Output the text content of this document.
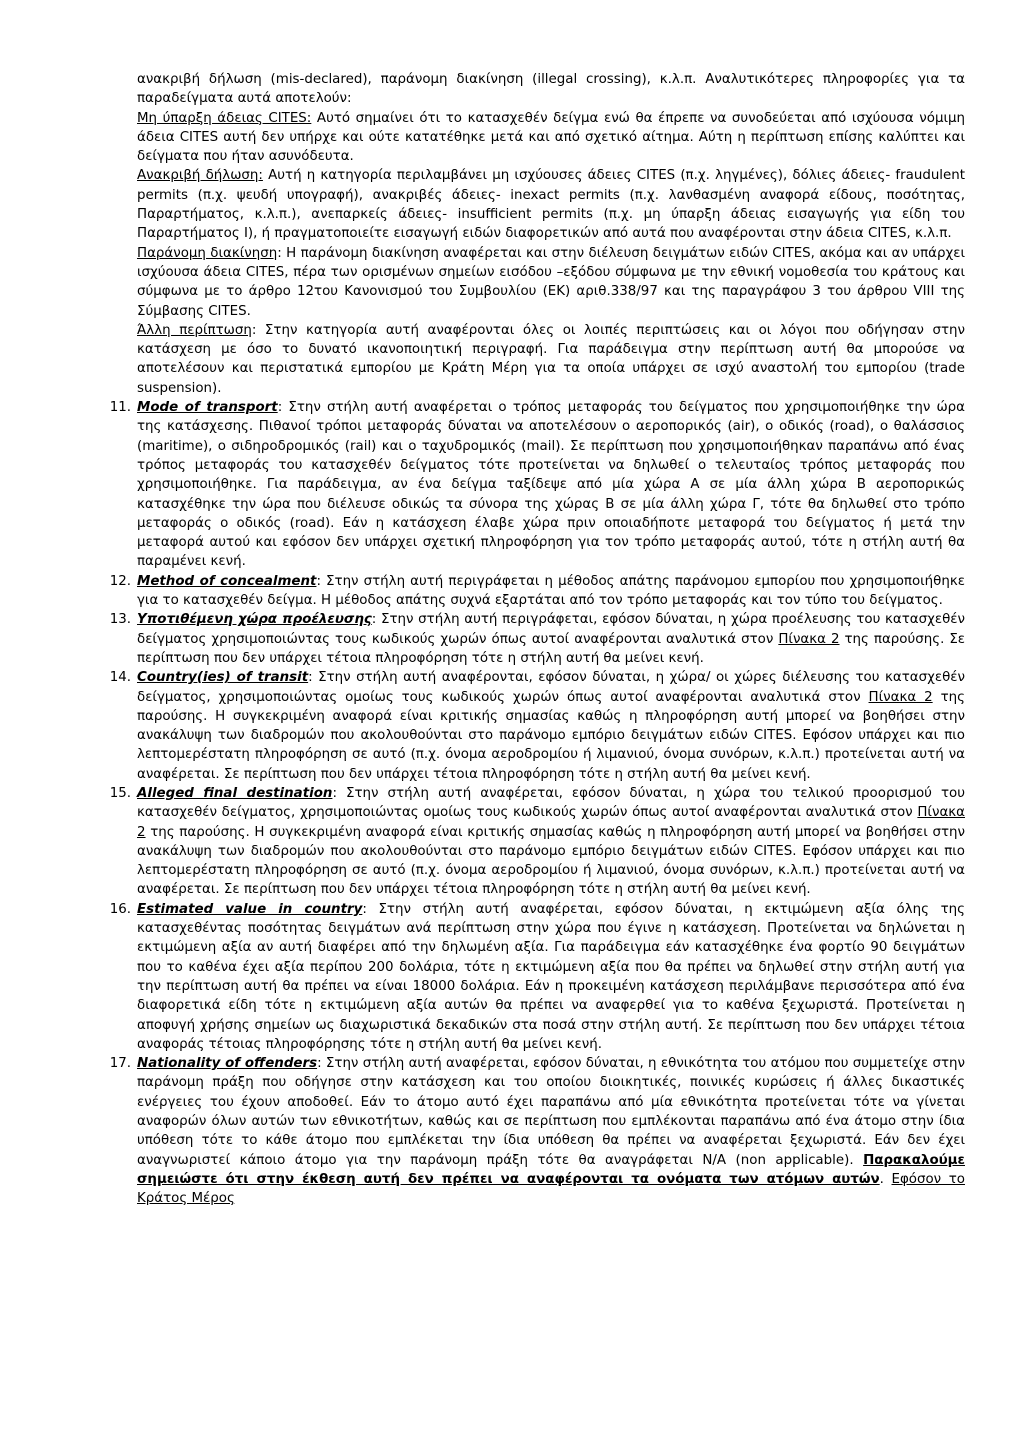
ανακριβή δήλωση (mis-declared), παράνομη διακίνηση (illegal crossing), κ.λ.π. Αναλυτικότερες πληροφορίες για τα παραδείγματα αυτά αποτελούν:

Μη ύπαρξη άδειας CITES: Αυτό σημαίνει ότι το κατασχεθέν δείγμα ενώ θα έπρεπε να συνοδεύεται από ισχύουσα νόμιμη άδεια CITES αυτή δεν υπήρχε και ούτε κατατέθηκε μετά και από σχετικό αίτημα. Αύτη η περίπτωση επίσης καλύπτει και δείγματα που ήταν ασυνόδευτα.

Ανακριβή δήλωση: Αυτή η κατηγορία περιλαμβάνει μη ισχύουσες άδειες CITES (π.χ. ληγμένες), δόλιες άδειες- fraudulent permits (π.χ. ψευδή υπογραφή), ανακριβές άδειες- inexact permits (π.χ. λανθασμένη αναφορά είδους, ποσότητας, Παραρτήματος, κ.λ.π.), ανεπαρκείς άδειες- insufficient permits (π.χ. μη ύπαρξη άδειας εισαγωγής για είδη του Παραρτήματος Ι), ή πραγματοποιείτε εισαγωγή ειδών διαφορετικών από αυτά που αναφέρονται στην άδεια CITES, κ.λ.π.

Παράνομη διακίνηση: Η παράνομη διακίνηση αναφέρεται και στην διέλευση δειγμάτων ειδών CITES, ακόμα και αν υπάρχει ισχύουσα άδεια CITES, πέρα των ορισμένων σημείων εισόδου –εξόδου σύμφωνα με την εθνική νομοθεσία του κράτους και σύμφωνα με το άρθρο 12του Κανονισμού του Συμβουλίου (ΕΚ) αριθ.338/97 και της παραγράφου 3 του άρθρου VIII της Σύμβασης CITES.

Άλλη περίπτωση: Στην κατηγορία αυτή αναφέρονται όλες οι λοιπές περιπτώσεις και οι λόγοι που οδήγησαν στην κατάσχεση με όσο το δυνατό ικανοποιητική περιγραφή. Για παράδειγμα στην περίπτωση αυτή θα μπορούσε να αποτελέσουν και περιστατικά εμπορίου με Κράτη Μέρη για τα οποία υπάρχει σε ισχύ αναστολή του εμπορίου (trade suspension).

11. Mode of transport: Στην στήλη αυτή αναφέρεται ο τρόπος μεταφοράς του δείγματος που χρησιμοποιήθηκε την ώρα της κατάσχεσης. Πιθανοί τρόποι μεταφοράς δύναται να αποτελέσουν ο αεροπορικός (air), ο οδικός (road), ο θαλάσσιος (maritime), ο σιδηροδρομικός (rail) και ο ταχυδρομικός (mail). Σε περίπτωση που χρησιμοποιήθηκαν παραπάνω από ένας τρόπος μεταφοράς του κατασχεθέν δείγματος τότε προτείνεται να δηλωθεί ο τελευταίος τρόπος μεταφοράς που χρησιμοποιήθηκε. Για παράδειγμα, αν ένα δείγμα ταξίδεψε από μία χώρα Α σε μία άλλη χώρα Β αεροπορικώς κατασχέθηκε την ώρα που διέλευσε οδικώς τα σύνορα της χώρας Β σε μία άλλη χώρα Γ, τότε θα δηλωθεί στο τρόπο μεταφοράς ο οδικός (road). Εάν η κατάσχεση έλαβε χώρα πριν οποιαδήποτε μεταφορά του δείγματος ή μετά την μεταφορά αυτού και εφόσον δεν υπάρχει σχετική πληροφόρηση για τον τρόπο μεταφοράς αυτού, τότε η στήλη αυτή θα παραμένει κενή.
12. Method of concealment: Στην στήλη αυτή περιγράφεται η μέθοδος απάτης παράνομου εμπορίου που χρησιμοποιήθηκε για το κατασχεθέν δείγμα. Η μέθοδος απάτης συχνά εξαρτάται από τον τρόπο μεταφοράς και τον τύπο του δείγματος.
13. Υποτιθέμενη χώρα προέλευσης: Στην στήλη αυτή περιγράφεται, εφόσον δύναται, η χώρα προέλευσης του κατασχεθέν δείγματος χρησιμοποιώντας τους κωδικούς χωρών όπως αυτοί αναφέρονται αναλυτικά στον Πίνακα 2 της παρούσης. Σε περίπτωση που δεν υπάρχει τέτοια πληροφόρηση τότε η στήλη αυτή θα μείνει κενή.
14. Country(ies) of transit: Στην στήλη αυτή αναφέρονται, εφόσον δύναται, η χώρα/ οι χώρες διέλευσης του κατασχεθέν δείγματος, χρησιμοποιώντας ομοίως τους κωδικούς χωρών όπως αυτοί αναφέρονται αναλυτικά στον Πίνακα 2 της παρούσης. Η συγκεκριμένη αναφορά είναι κριτικής σημασίας καθώς η πληροφόρηση αυτή μπορεί να βοηθήσει στην ανακάλυψη των διαδρομών που ακολουθούνται στο παράνομο εμπόριο δειγμάτων ειδών CITES. Εφόσον υπάρχει και πιο λεπτομερέστατη πληροφόρηση σε αυτό (π.χ. όνομα αεροδρομίου ή λιμανιού, όνομα συνόρων, κ.λ.π.) προτείνεται αυτή να αναφέρεται. Σε περίπτωση που δεν υπάρχει τέτοια πληροφόρηση τότε η στήλη αυτή θα μείνει κενή.
15. Alleged final destination: Στην στήλη αυτή αναφέρεται, εφόσον δύναται, η χώρα του τελικού προορισμού του κατασχεθέν δείγματος, χρησιμοποιώντας ομοίως τους κωδικούς χωρών όπως αυτοί αναφέρονται αναλυτικά στον Πίνακα 2 της παρούσης. Η συγκεκριμένη αναφορά είναι κριτικής σημασίας καθώς η πληροφόρηση αυτή μπορεί να βοηθήσει στην ανακάλυψη των διαδρομών που ακολουθούνται στο παράνομο εμπόριο δειγμάτων ειδών CITES. Εφόσον υπάρχει και πιο λεπτομερέστατη πληροφόρηση σε αυτό (π.χ. όνομα αεροδρομίου ή λιμανιού, όνομα συνόρων, κ.λ.π.) προτείνεται αυτή να αναφέρεται. Σε περίπτωση που δεν υπάρχει τέτοια πληροφόρηση τότε η στήλη αυτή θα μείνει κενή.
16. Estimated value in country: Στην στήλη αυτή αναφέρεται, εφόσον δύναται, η εκτιμώμενη αξία όλης της κατασχεθέντας ποσότητας δειγμάτων ανά περίπτωση στην χώρα που έγινε η κατάσχεση. Προτείνεται να δηλώνεται η εκτιμώμενη αξία αν αυτή διαφέρει από την δηλωμένη αξία. Για παράδειγμα εάν κατασχέθηκε ένα φορτίο 90 δειγμάτων που το καθένα έχει αξία περίπου 200 δολάρια, τότε η εκτιμώμενη αξία που θα πρέπει να δηλωθεί στην στήλη αυτή για την περίπτωση αυτή θα πρέπει να είναι 18000 δολάρια. Εάν η προκειμένη κατάσχεση περιλάμβανε περισσότερα από ένα διαφορετικά είδη τότε η εκτιμώμενη αξία αυτών θα πρέπει να αναφερθεί για το καθένα ξεχωριστά. Προτείνεται η αποφυγή χρήσης σημείων ως διαχωριστικά δεκαδικών στα ποσά στην στήλη αυτή. Σε περίπτωση που δεν υπάρχει τέτοια αναφοράς τέτοιας πληροφόρησης τότε η στήλη αυτή θα μείνει κενή.
17. Nationality of offenders: Στην στήλη αυτή αναφέρεται, εφόσον δύναται, η εθνικότητα του ατόμου που συμμετείχε στην παράνομη πράξη που οδήγησε στην κατάσχεση και του οποίου διοικητικές, ποινικές κυρώσεις ή άλλες δικαστικές ενέργειες του έχουν αποδοθεί. Εάν το άτομο αυτό έχει παραπάνω από μία εθνικότητα προτείνεται τότε να γίνεται αναφορών όλων αυτών των εθνικοτήτων, καθώς και σε περίπτωση που εμπλέκονται παραπάνω από ένα άτομο στην ίδια υπόθεση τότε το κάθε άτομο που εμπλέκεται την ίδια υπόθεση θα πρέπει να αναφέρεται ξεχωριστά. Εάν δεν έχει αναγνωριστεί κάποιο άτομο για την παράνομη πράξη τότε θα αναγράφεται N/A (non applicable). Παρακαλούμε σημειώστε ότι στην έκθεση αυτή δεν πρέπει να αναφέρονται τα ονόματα των ατόμων αυτών. Εφόσον το Κράτος Μέρος
